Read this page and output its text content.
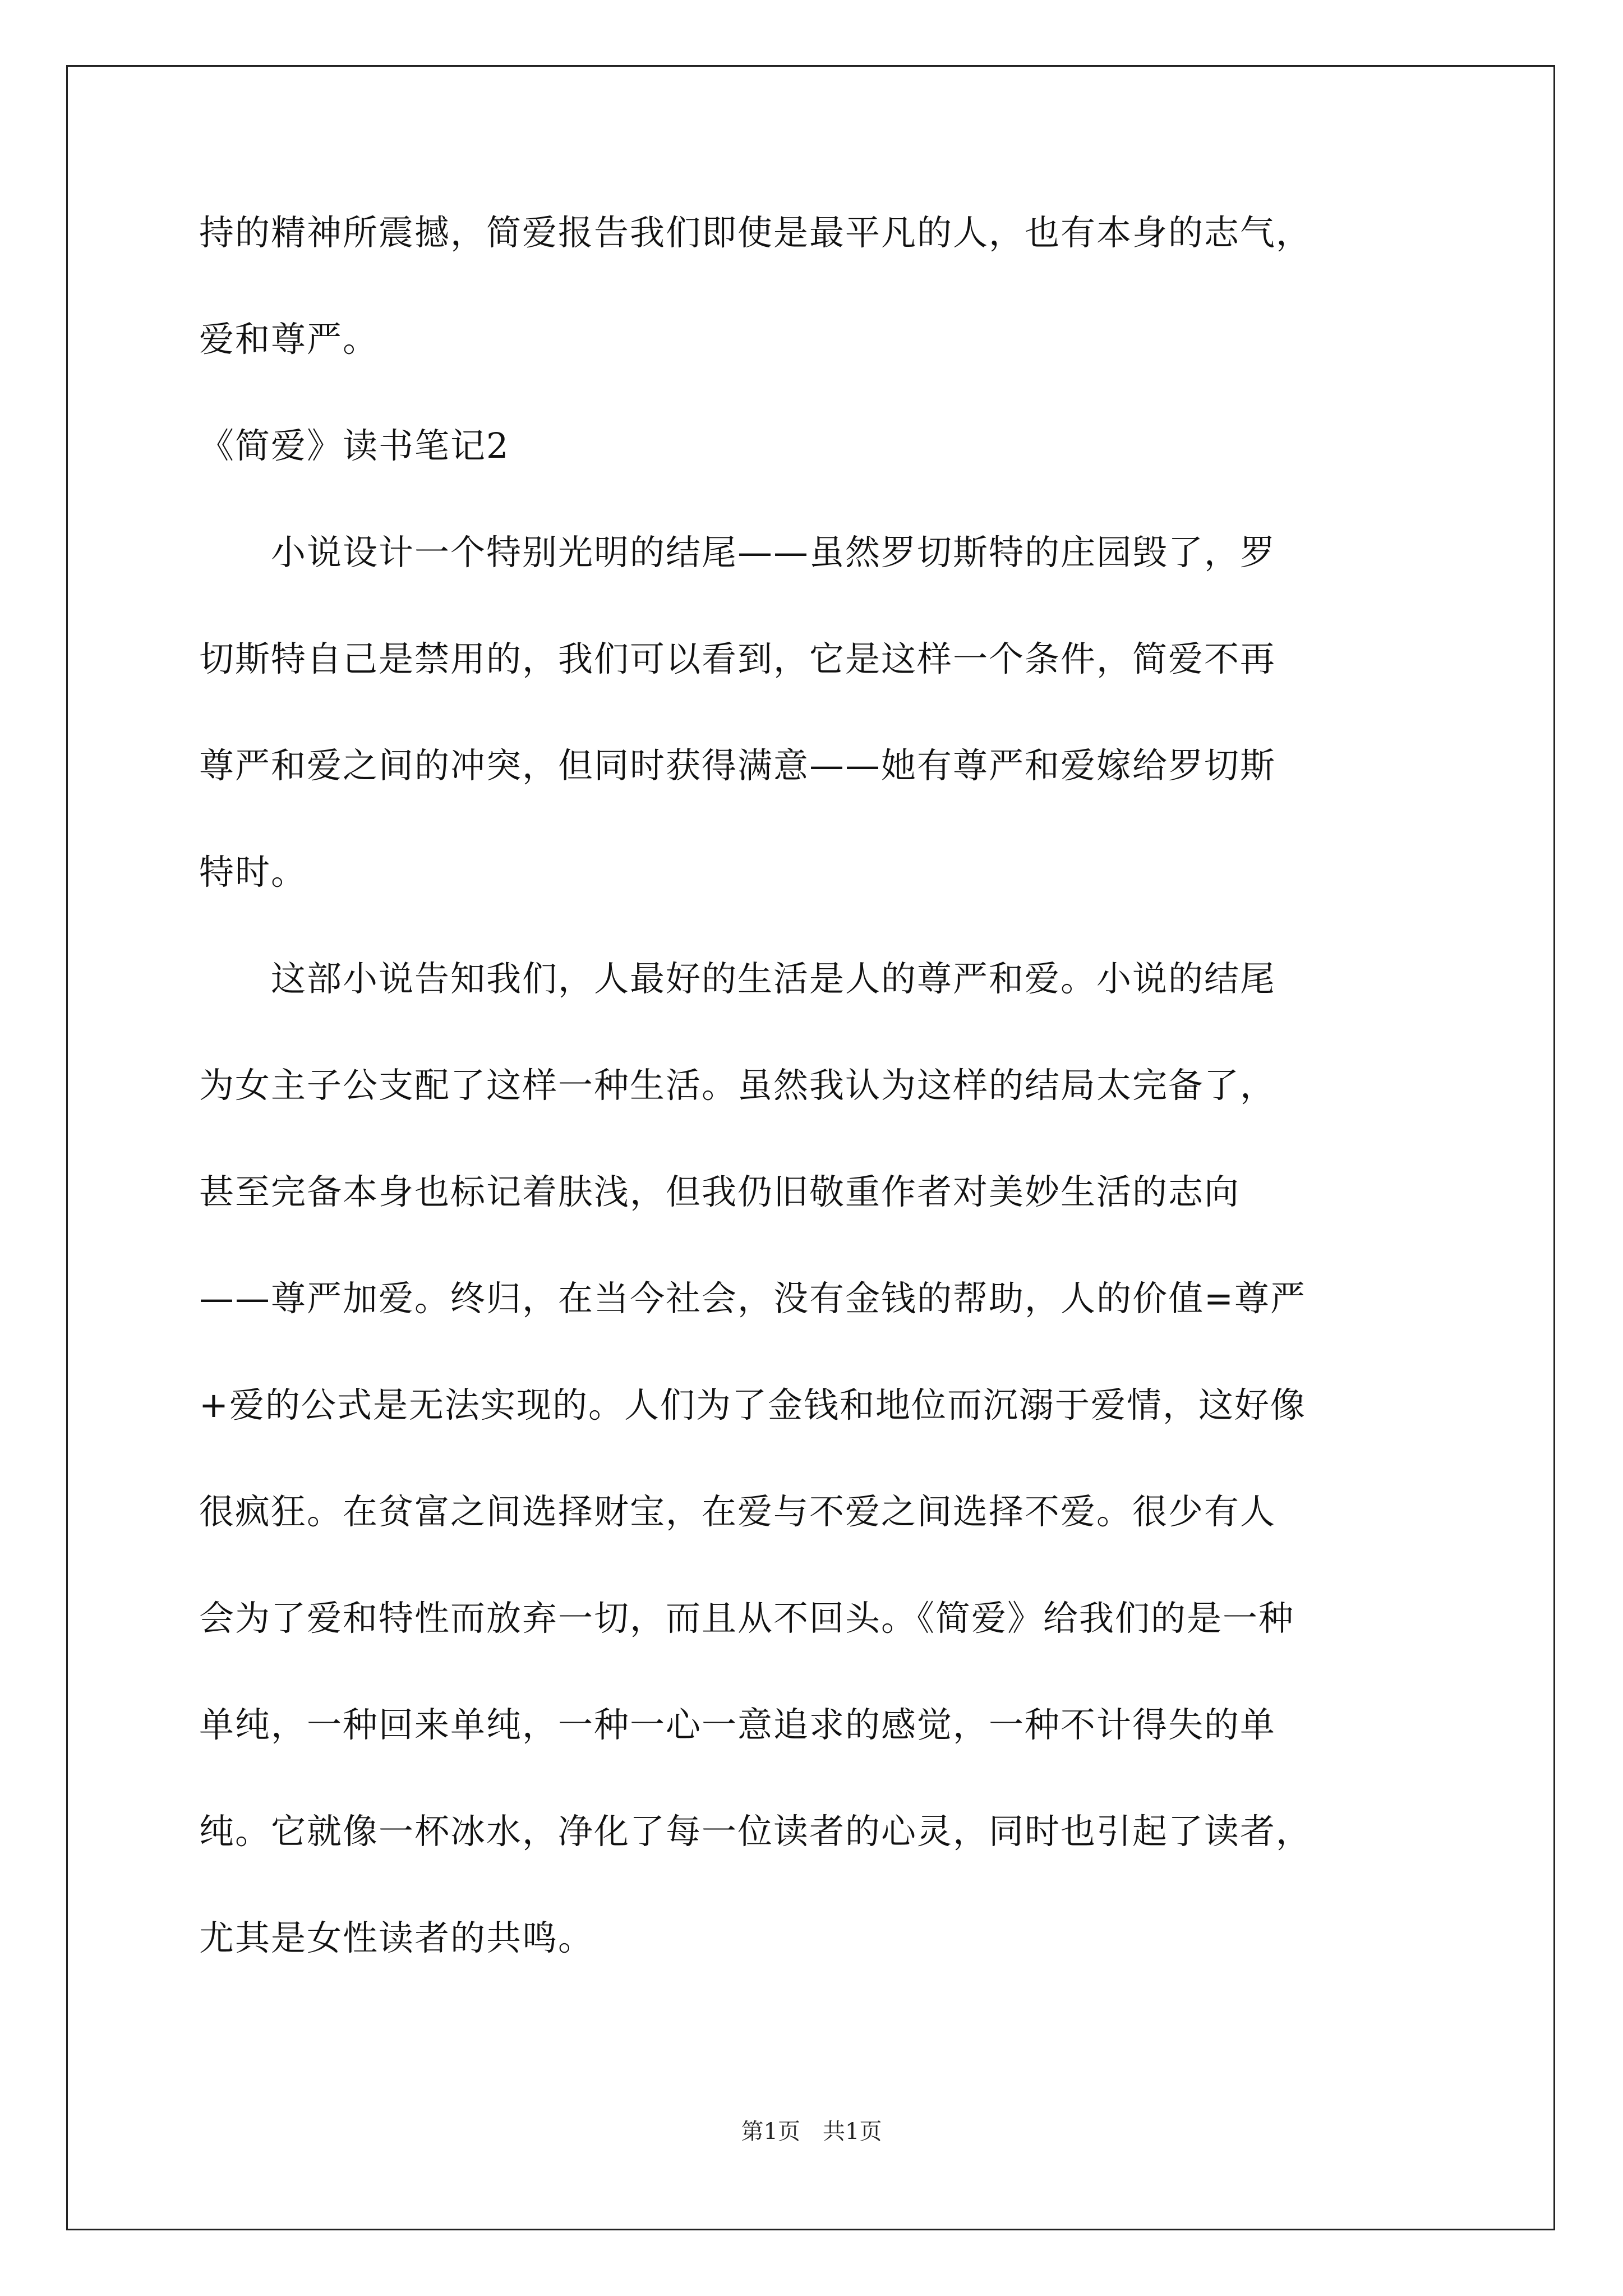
持的精神所震撼，简爱报告我们即使是最平凡的人，也有本身的志气，
爱和尊严。
《简爱》读书笔记2
　　小说设计一个特别光明的结尾——虽然罗切斯特的庄园毁了，罗
切斯特自己是禁用的，我们可以看到，它是这样一个条件，简爱不再
尊严和爱之间的冲突，但同时获得满意——她有尊严和爱嫁给罗切斯
特时。
　　这部小说告知我们，人最好的生活是人的尊严和爱。小说的结尾
为女主子公支配了这样一种生活。虽然我认为这样的结局太完备了，
甚至完备本身也标记着肤浅，但我仍旧敬重作者对美妙生活的志向
——尊严加爱。终归，在当今社会，没有金钱的帮助，人的价值=尊严
+爱的公式是无法实现的。人们为了金钱和地位而沉溺于爱情，这好像
很疯狂。在贫富之间选择财宝，在爱与不爱之间选择不爱。很少有人
会为了爱和特性而放弃一切，而且从不回头。《简爱》给我们的是一种
单纯，一种回来单纯，一种一心一意追求的感觉，一种不计得失的单
纯。它就像一杯冰水，净化了每一位读者的心灵，同时也引起了读者，
尤其是女性读者的共鸣。
第1页　共1页
